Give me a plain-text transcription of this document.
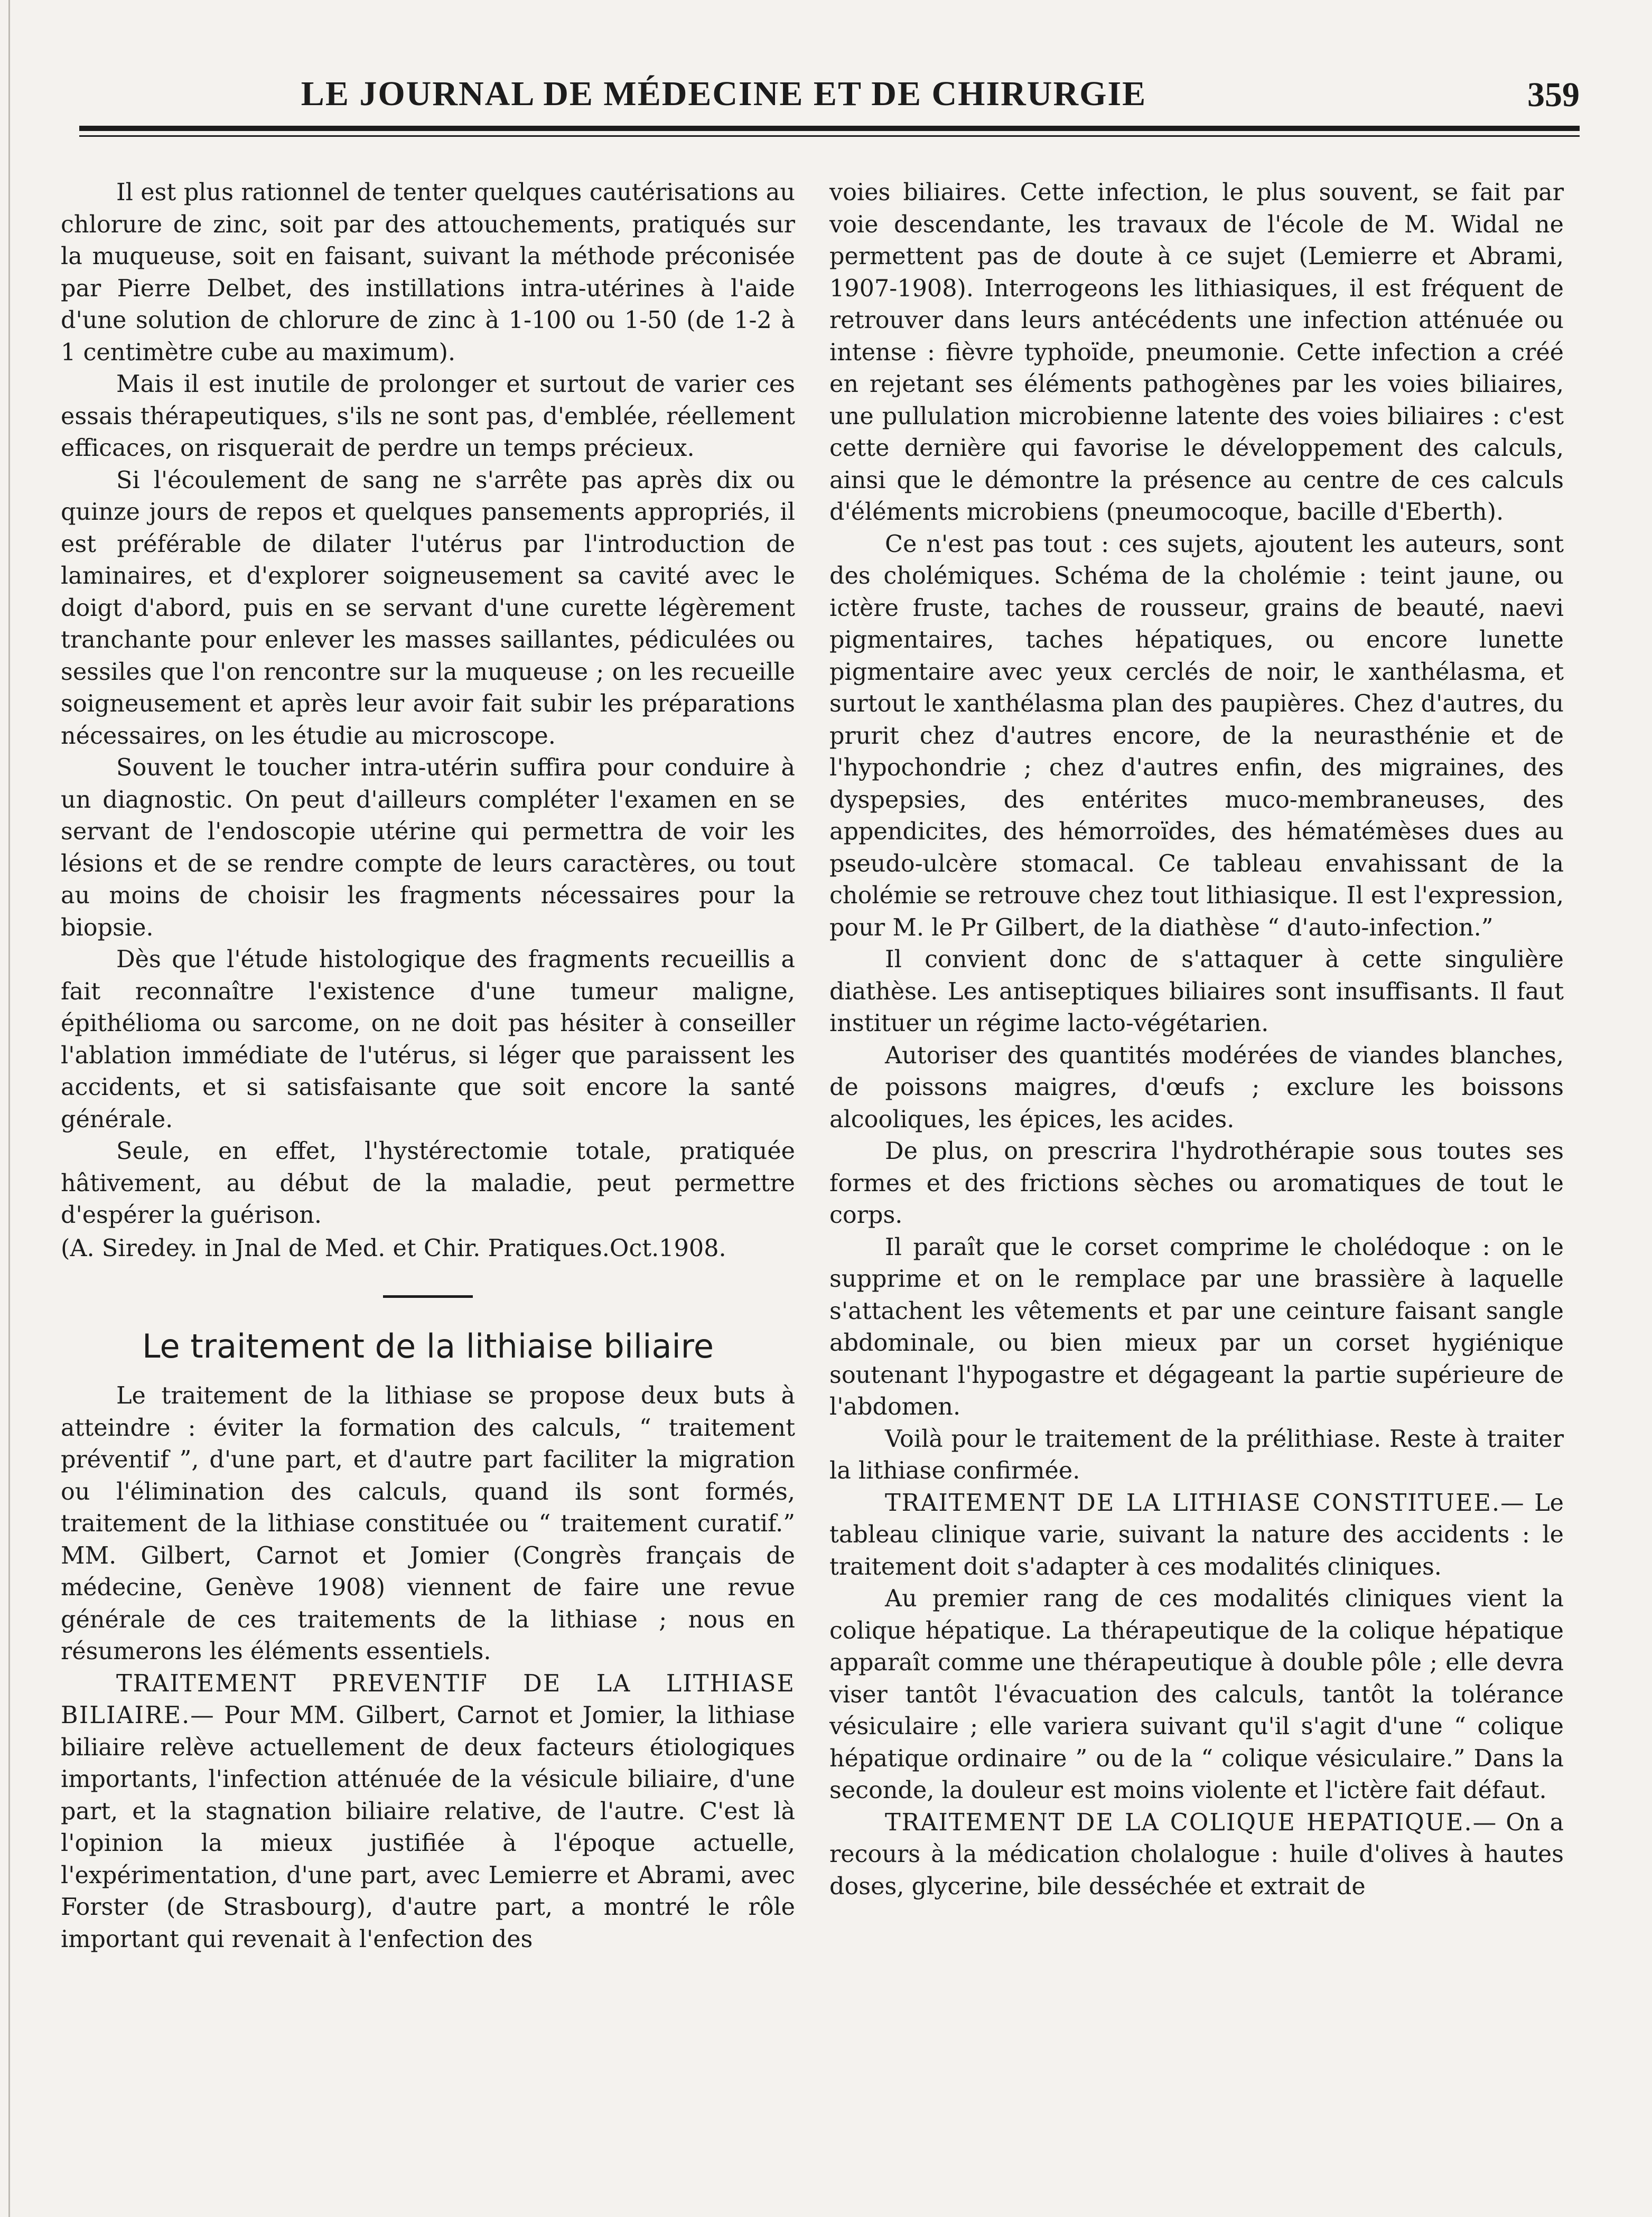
LE JOURNAL DE MÉDECINE ET DE CHIRURGIE	359

Il est plus rationnel de tenter quelques cautérisations au chlorure de zinc, soit par des attouchements, pratiqués sur la muqueuse, soit en faisant, suivant la méthode préconisée par Pierre Delbet, des instillations intra-utérines à l'aide d'une solution de chlorure de zinc à 1-100 ou 1-50 (de 1-2 à 1 centimètre cube au maximum).

Mais il est inutile de prolonger et surtout de varier ces essais thérapeutiques, s'ils ne sont pas, d'emblée, réellement efficaces, on risquerait de perdre un temps précieux.

Si l'écoulement de sang ne s'arrête pas après dix ou quinze jours de repos et quelques pansements appropriés, il est préférable de dilater l'utérus par l'introduction de laminaires, et d'explorer soigneusement sa cavité avec le doigt d'abord, puis en se servant d'une curette légèrement tranchante pour enlever les masses saillantes, pédiculées ou sessiles que l'on rencontre sur la muqueuse ; on les recueille soigneusement et après leur avoir fait subir les préparations nécessaires, on les étudie au microscope.

Souvent le toucher intra-utérin suffira pour conduire à un diagnostic. On peut d'ailleurs compléter l'examen en se servant de l'endoscopie utérine qui permettra de voir les lésions et de se rendre compte de leurs caractères, ou tout au moins de choisir les fragments nécessaires pour la biopsie.

Dès que l'étude histologique des fragments recueillis a fait reconnaître l'existence d'une tumeur maligne, épithélioma ou sarcome, on ne doit pas hésiter à conseiller l'ablation immédiate de l'utérus, si léger que paraissent les accidents, et si satisfaisante que soit encore la santé générale.

Seule, en effet, l'hystérectomie totale, pratiquée hâtivement, au début de la maladie, peut permettre d'espérer la guérison.

(A. Siredey. in Jnal de Med. et Chir. Pratiques.Oct.1908.

Le traitement de la lithiaise biliaire

Le traitement de la lithiase se propose deux buts à atteindre : éviter la formation des calculs, “ traitement préventif ”, d'une part, et d'autre part faciliter la migration ou l'élimination des calculs, quand ils sont formés, traitement de la lithiase constituée ou “ traitement curatif.” MM. Gilbert, Carnot et Jomier (Congrès français de médecine, Genève 1908) viennent de faire une revue générale de ces traitements de la lithiase ; nous en résumerons les éléments essentiels.

TRAITEMENT PREVENTIF DE LA LITHIASE BILIAIRE.— Pour MM. Gilbert, Carnot et Jomier, la lithiase biliaire relève actuellement de deux facteurs étiologiques importants, l'infection atténuée de la vésicule biliaire, d'une part, et la stagnation biliaire relative, de l'autre. C'est là l'opinion la mieux justifiée à l'époque actuelle, l'expérimentation, d'une part, avec Lemierre et Abrami, avec Forster (de Strasbourg), d'autre part, a montré le rôle important qui revenait à l'enfection des

voies biliaires. Cette infection, le plus souvent, se fait par voie descendante, les travaux de l'école de M. Widal ne permettent pas de doute à ce sujet (Lemierre et Abrami, 1907-1908). Interrogeons les lithiasiques, il est fréquent de retrouver dans leurs antécédents une infection atténuée ou intense : fièvre typhoïde, pneumonie. Cette infection a créé en rejetant ses éléments pathogènes par les voies biliaires, une pullulation microbienne latente des voies biliaires : c'est cette dernière qui favorise le développement des calculs, ainsi que le démontre la présence au centre de ces calculs d'éléments microbiens (pneumocoque, bacille d'Eberth).

Ce n'est pas tout : ces sujets, ajoutent les auteurs, sont des cholémiques. Schéma de la cholémie : teint jaune, ou ictère fruste, taches de rousseur, grains de beauté, naevi pigmentaires, taches hépatiques, ou encore lunette pigmentaire avec yeux cerclés de noir, le xanthélasma, et surtout le xanthélasma plan des paupières. Chez d'autres, du prurit chez d'autres encore, de la neurasthénie et de l'hypochondrie ; chez d'autres enfin, des migraines, des dyspepsies, des entérites muco-membraneuses, des appendicites, des hémorroïdes, des hématémèses dues au pseudo-ulcère stomacal. Ce tableau envahissant de la cholémie se retrouve chez tout lithiasique. Il est l'expression, pour M. le Pr Gilbert, de la diathèse “ d'auto-infection.”

Il convient donc de s'attaquer à cette singulière diathèse. Les antiseptiques biliaires sont insuffisants. Il faut instituer un régime lacto-végétarien.

Autoriser des quantités modérées de viandes blanches, de poissons maigres, d'œufs ; exclure les boissons alcooliques, les épices, les acides.

De plus, on prescrira l'hydrothérapie sous toutes ses formes et des frictions sèches ou aromatiques de tout le corps.

Il paraît que le corset comprime le cholédoque : on le supprime et on le remplace par une brassière à laquelle s'attachent les vêtements et par une ceinture faisant sangle abdominale, ou bien mieux par un corset hygiénique soutenant l'hypogastre et dégageant la partie supérieure de l'abdomen.

Voilà pour le traitement de la prélithiase. Reste à traiter la lithiase confirmée.

TRAITEMENT DE LA LITHIASE CONSTITUEE.— Le tableau clinique varie, suivant la nature des accidents : le traitement doit s'adapter à ces modalités cliniques.

Au premier rang de ces modalités cliniques vient la colique hépatique. La thérapeutique de la colique hépatique apparaît comme une thérapeutique à double pôle ; elle devra viser tantôt l'évacuation des calculs, tantôt la tolérance vésiculaire ; elle variera suivant qu'il s'agit d'une “ colique hépatique ordinaire ” ou de la “ colique vésiculaire.” Dans la seconde, la douleur est moins violente et l'ictère fait défaut.

TRAITEMENT DE LA COLIQUE HEPATIQUE.— On a recours à la médication cholalogue : huile d'olives à hautes doses, glycerine, bile desséchée et extrait de
